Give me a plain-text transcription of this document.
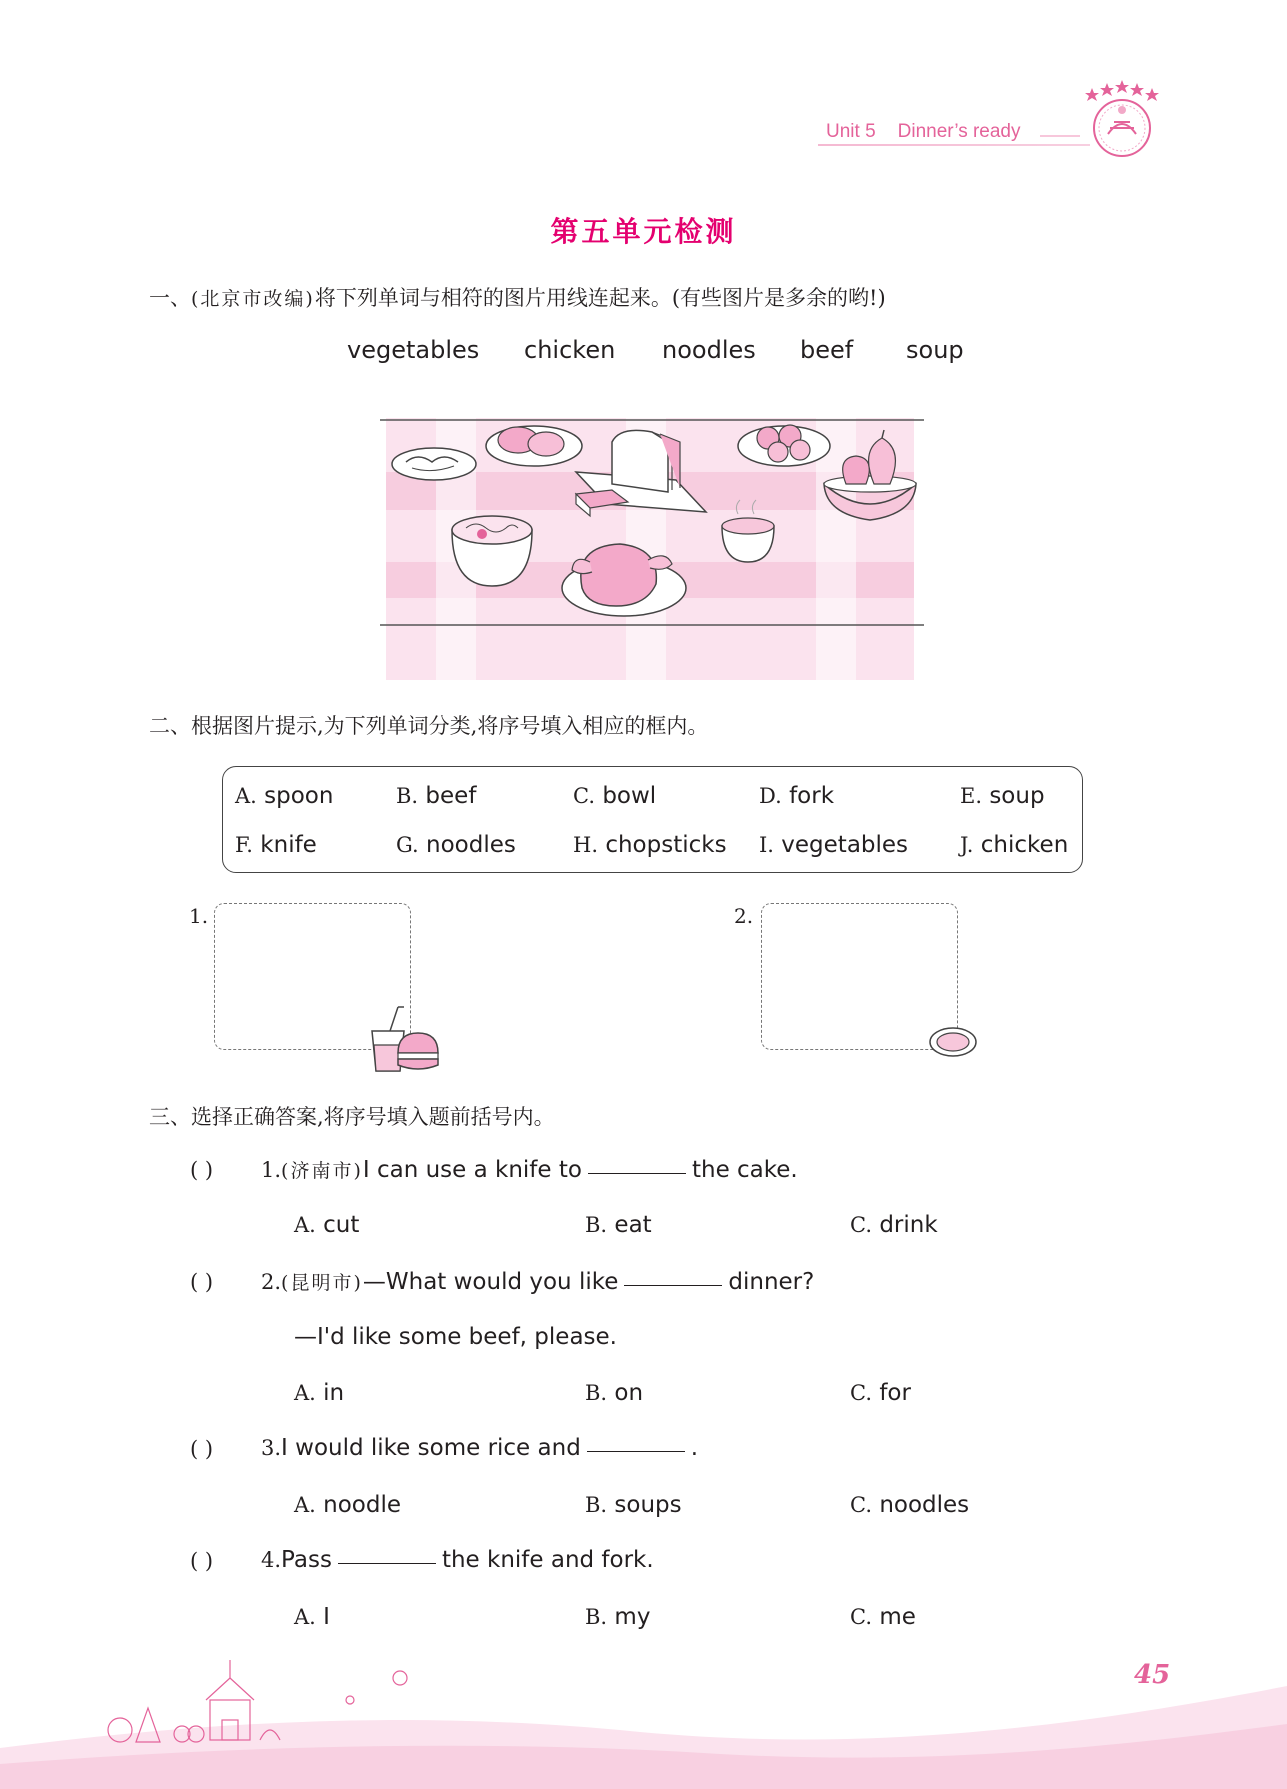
Unit 5 Dinner’s ready
第五单元检测
一、(北京市改编)将下列单词与相符的图片用线连起来。(有些图片是多余的哟!)
vegetables chicken noodles beef soup
二、根据图片提示,为下列单词分类,将序号填入相应的框内。
A. spoon	B. beef	C. bowl	D. fork	E. soup
F. knife	G. noodles	H. chopsticks I. vegetables J. chicken
1.	2.
三、选择正确答案,将序号填入题前括号内。
( ) 1.(济南市)I can use a knife to	the cake.
A. cut	B. eat	C. drink
( ) 2.(昆明市)—What would you like	dinner?
—I'd like some beef, please.
A. in	B. on	C. for
( ) 3.I would like some rice and	.
A. noodle	B. soups	C. noodles
( ) 4.Pass	the knife and fork.
A. I	B. my	C. me
45
